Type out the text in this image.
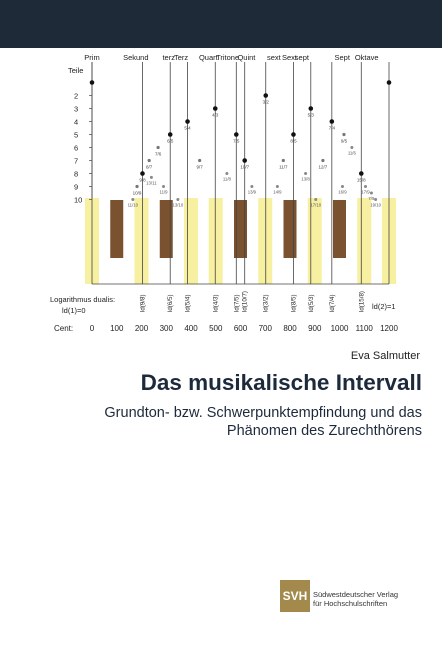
Prim	Sekund terz Terz Quart
Tritone
Quint sext Sext
sept	Sept Oktave
Teile
2
3
4
5
6
7
8
9
10
10/9
9/8
8/7
7/6
6/5
5/4
9/7
4/3
7/5
10/7
3/2
11/7
8/5
5/3
12/7
7/4
9/5
15/8
11/10
13/11
11/9
13/10
11/8
13/9	14/9
13/8
17/10
16/9
11/6
17/9
19/10
7/9
ld(9/8)	ld(6/5) ld(5/4)	ld(4/3) ld(7/5) ld(10/7) ld(3/2)	ld(8/5) ld(5/3) ld(7/4)	ld(15/8)
Logarithmus dualis:
ld(1)=0	ld(2)=1
Cent: 0 100 200 300 400 500 600 700 800 900 1000 1100 1200
Eva Salmutter
Das musikalische Intervall
Grundton- bzw. Schwerpunktempfindung und das Phänomen des Zurechthörens
SVH Südwestdeutscher Verlag
für Hochschulschriften
